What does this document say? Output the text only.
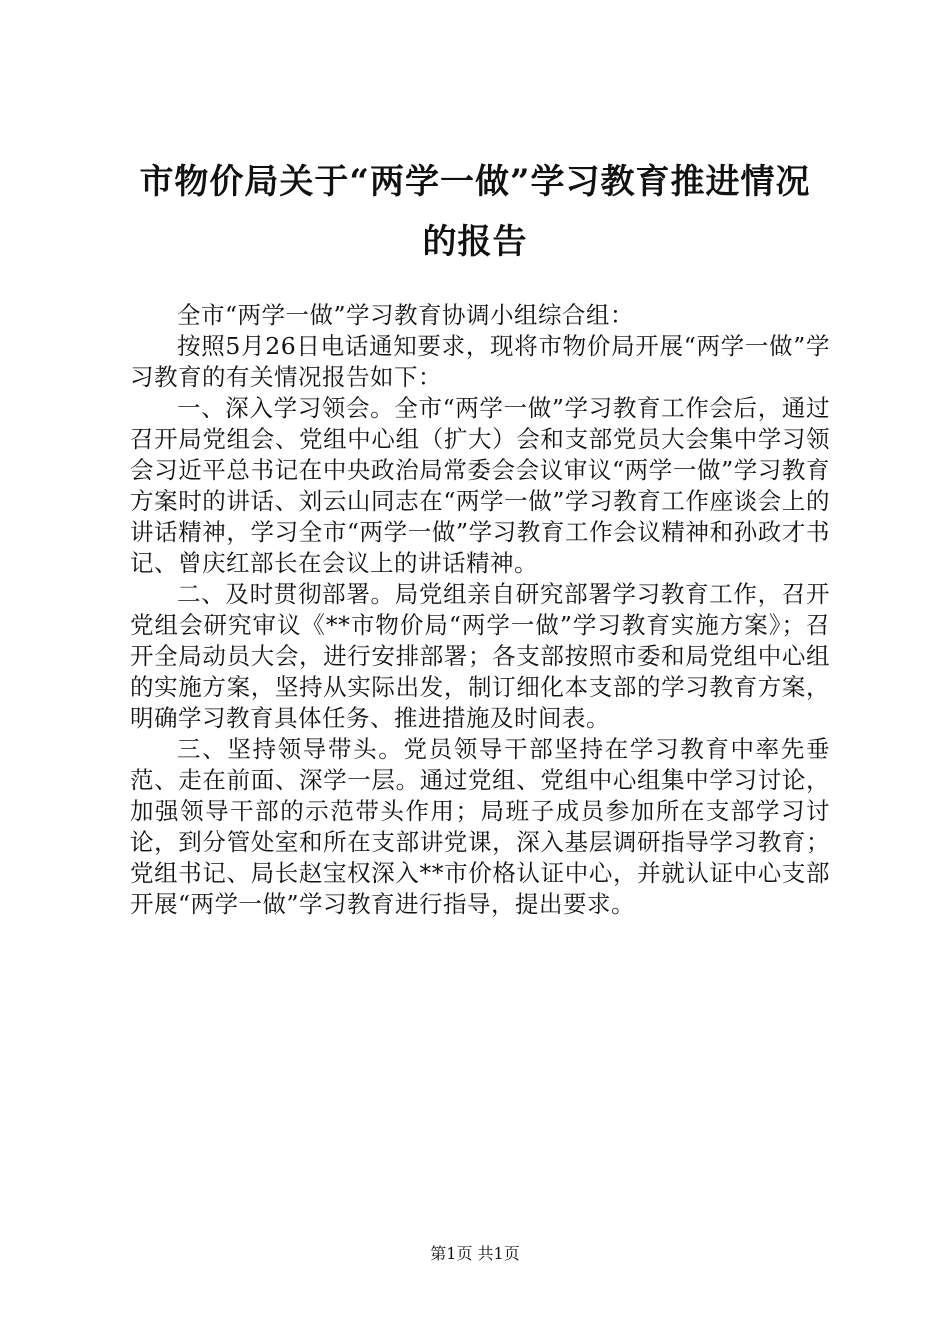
市物价局关于“两学一做”学习教育推进情况
的报告

全市“两学一做”学习教育协调小组综合组：

按照5月26日电话通知要求，现将市物价局开展“两学一做”学习教育的有关情况报告如下：

一、深入学习领会。全市“两学一做”学习教育工作会后，通过召开局党组会、党组中心组（扩大）会和支部党员大会集中学习领会习近平总书记在中央政治局常委会会议审议“两学一做”学习教育方案时的讲话、刘云山同志在“两学一做”学习教育工作座谈会上的讲话精神，学习全市“两学一做”学习教育工作会议精神和孙政才书记、曾庆红部长在会议上的讲话精神。

二、及时贯彻部署。局党组亲自研究部署学习教育工作，召开党组会研究审议《**市物价局“两学一做”学习教育实施方案》；召开全局动员大会，进行安排部署；各支部按照市委和局党组中心组的实施方案，坚持从实际出发，制订细化本支部的学习教育方案，明确学习教育具体任务、推进措施及时间表。

三、坚持领导带头。党员领导干部坚持在学习教育中率先垂范、走在前面、深学一层。通过党组、党组中心组集中学习讨论，加强领导干部的示范带头作用；局班子成员参加所在支部学习讨论，到分管处室和所在支部讲党课，深入基层调研指导学习教育；党组书记、局长赵宝权深入**市价格认证中心，并就认证中心支部开展“两学一做”学习教育进行指导，提出要求。

第1页 共1页
